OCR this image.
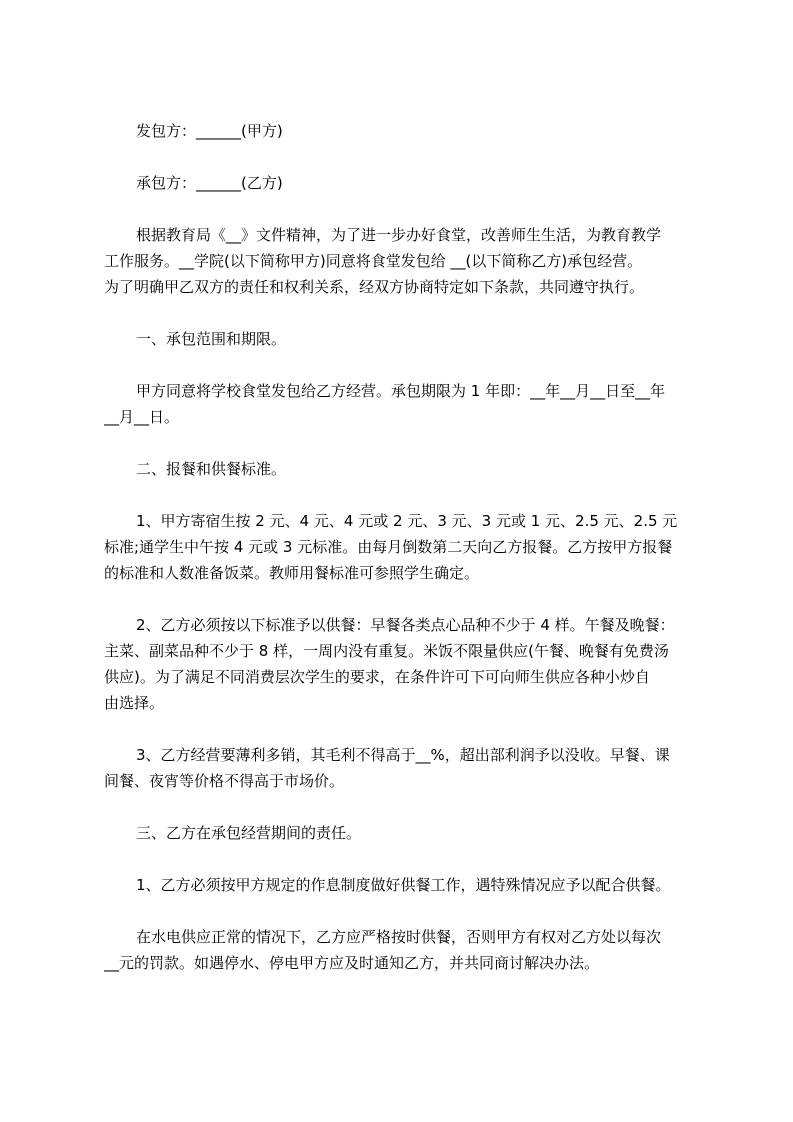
发包方：______(甲方)
承包方：______(乙方)
根据教育局《__》文件精神，为了进一步办好食堂，改善师生生活，为教育教学
工作服务。__学院(以下简称甲方)同意将食堂发包给 __(以下简称乙方)承包经营。
为了明确甲乙双方的责任和权利关系，经双方协商特定如下条款，共同遵守执行。
一、承包范围和期限。
甲方同意将学校食堂发包给乙方经营。承包期限为 1 年即：__年__月__日至__年
__月__日。
二、报餐和供餐标准。
1、甲方寄宿生按 2 元、4 元、4 元或 2 元、3 元、3 元或 1 元、2.5 元、2.5 元
标准;通学生中午按 4 元或 3 元标准。由每月倒数第二天向乙方报餐。乙方按甲方报餐
的标准和人数准备饭菜。教师用餐标准可参照学生确定。
2、乙方必须按以下标准予以供餐：早餐各类点心品种不少于 4 样。午餐及晚餐：
主菜、副菜品种不少于 8 样，一周内没有重复。米饭不限量供应(午餐、晚餐有免费汤
供应)。为了满足不同消费层次学生的要求，在条件许可下可向师生供应各种小炒自
由选择。
3、乙方经营要薄利多销，其毛利不得高于__%，超出部利润予以没收。早餐、课
间餐、夜宵等价格不得高于市场价。
三、乙方在承包经营期间的责任。
1、乙方必须按甲方规定的作息制度做好供餐工作，遇特殊情况应予以配合供餐。
在水电供应正常的情况下，乙方应严格按时供餐，否则甲方有权对乙方处以每次
__元的罚款。如遇停水、停电甲方应及时通知乙方，并共同商讨解决办法。
